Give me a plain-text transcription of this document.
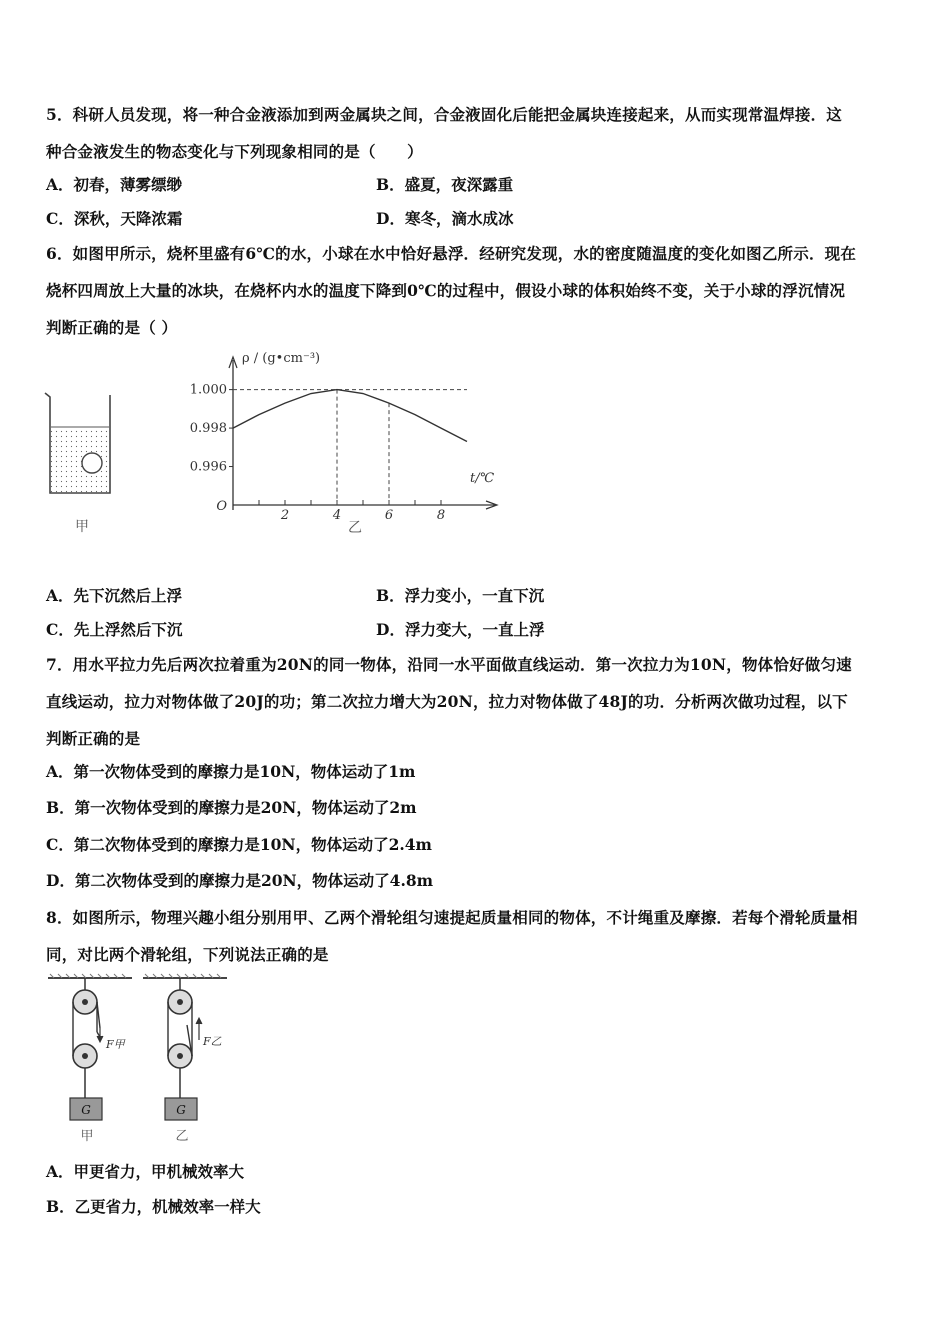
5．科研人员发现，将一种合金液添加到两金属块之间，合金液固化后能把金属块连接起来，从而实现常温焊接．这
种合金液发生的物态变化与下列现象相同的是（　　）
A．初春，薄雾缥缈	B．盛夏，夜深露重
C．深秋，天降浓霜	D．寒冬，滴水成冰
6．如图甲所示，烧杯里盛有6℃的水，小球在水中恰好悬浮．经研究发现，水的密度随温度的变化如图乙所示．现在
烧杯四周放上大量的冰块，在烧杯内水的温度下降到0℃的过程中，假设小球的体积始终不变，关于小球的浮沉情况
判断正确的是（ ）
甲
ρ / (g•cm⁻³)
t/℃
O
2	4	6	8
1.000
0.998
0.996
乙
A．先下沉然后上浮	B．浮力变小，一直下沉
C．先上浮然后下沉	D．浮力变大，一直上浮
7．用水平拉力先后两次拉着重为20N的同一物体，沿同一水平面做直线运动．第一次拉力为10N，物体恰好做匀速
直线运动，拉力对物体做了20J的功；第二次拉力增大为20N，拉力对物体做了48J的功．分析两次做功过程，以下
判断正确的是
A．第一次物体受到的摩擦力是10N，物体运动了1m
B．第一次物体受到的摩擦力是20N，物体运动了2m
C．第二次物体受到的摩擦力是10N，物体运动了2.4m
D．第二次物体受到的摩擦力是20N，物体运动了4.8m
8．如图所示，物理兴趣小组分别用甲、乙两个滑轮组匀速提起质量相同的物体，不计绳重及摩擦．若每个滑轮质量相
同，对比两个滑轮组，下列说法正确的是
G
F甲
甲
G
F乙
乙
A．甲更省力，甲机械效率大
B．乙更省力，机械效率一样大
